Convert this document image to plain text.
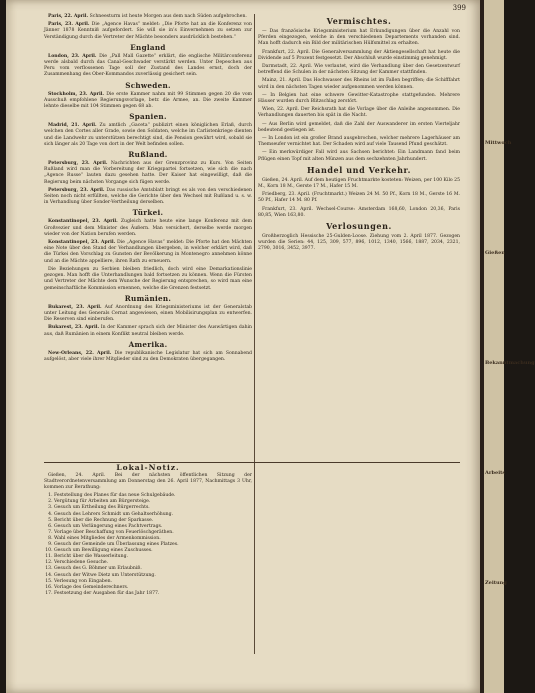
399

Paris, 22. April. Schneesturm ist heute Morgen aus dem nach Süden aufgebrochen.

Paris, 23. April. Die „Agence Havas“ meldet: „Die Pforte hat an die Konferenz von Jänner 1878 Kenntniß aufgefordert. Sie will sie in’s Einvernehmen zu setzen zur Verständigung durch die Vertreter der Mächte besonders ausdrücklich bestehen.“

England

London, 23. April. Die „Pall Mall Gazette“ erklärt, die englische Militärconferenz werde alsbald durch das Canal-Geschwader verstärkt werden. Unter Depeschen aus Peru vom verflossenen Tage soll der Zustand des Landes ernst, doch der Zusammenhang des Ober-Kommandos zuverlässig gesichert sein.

Schweden.

Stockholm, 23. April. Die erste Kammer nahm mit 99 Stimmen gegen 20 die vom Ausschuß empfohlene Regierungsvorlage, betr. die Armee, an. Die zweite Kammer lehnte dieselbe mit 104 Stimmen gegen 68 ab.

Spanien.

Madrid, 21. April. Zu amtlich „Gaceta“ publizirt einen königlichen Erlaß, durch welchen den Cortes aller Grade, sowie den Soldaten, welche im Carlistenkriege dienten und die Landwehr zu unterstützen berechtigt sind, die Pension gewährt wird, sobald sie sich länger als 20 Tage von dort in der Welt befinden sollen.

Rußland.

Petersburg, 23. April. Nachrichten aus der Grenzprovinz zu Kurs. Von Seiten Rußland wird man die Vorbereitung der Kriegspartei fortsetzen, wie sich die nach „Agence Russe“ lauten dazu gesehen hatte. Der Kaiser hat eingewilligt, daß die Regierung beim nächsten Vorgange sich fügen werde.

Petersburg, 23. April. Das russische Amtsblatt bringt es als von den verschiedenen Seiten noch nicht erfüllten, welche die Gerichte über den Wechsel mit Rußland u. s. w. in Verhandlung über Sonder-Vertheilung derselben.

Türkei.

Konstantinopel, 23. April. Zugleich hatte heute eine lange Konferenz mit dem Großvezier und dem Minister des Äußern. Man versichert, derselbe werde morgen wieder von der Nation berufen werden.

Konstantinopel, 23. April. Die „Agence Havas“ meldet: Die Pforte hat den Mächten eine Note über den Stand der Verhandlungen übergeben, in welcher erklärt wird, daß die Türkei den Vorschlag zu Gunsten der Bevölkerung in Montenegro annehmen könne und an die Mächte appelliere, ihren Rath zu erneuern.

Die Beziehungen zu Serbien bleiben friedlich, doch wird eine Demarkationslinie gezogen. Man hofft die Unterhandlungen bald fortsetzen zu können. Wenn die Fürsten und Vertreter der Mächte dem Wunsche der Regierung entsprechen, so wird man eine gemeinschaftliche Kommission ernennen, welche die Grenzen festsetzt.

Rumänien.

Bukarest, 23. April. Auf Anordnung des Kriegsministeriums ist der Generalstab unter Leitung des Generals Cernat angewiesen, einen Mobilisirungsplan zu entwerfen. Die Reserven sind einberufen.

Bukarest, 23. April. In der Kammer sprach sich der Minister des Auswärtigen dahin aus, daß Rumänien in einem Konflikt neutral bleiben werde.

Amerika.

New-Orleans, 22. April. Die republikanische Legislatur hat sich am Sonnabend aufgelöst, aber viele ihrer Mitglieder sind zu den Demokraten übergegangen.

Vermischtes.

— Das französische Kriegsministerium hat Erkundigungen über die Anzahl von Pferden eingezogen, welche in den verschiedenen Departements vorhanden sind. Man hofft dadurch ein Bild der militärischen Hülfsmittel zu erhalten.

Frankfurt, 22. April. Die Generalversammlung der Aktiengesellschaft hat heute die Dividende auf 5 Prozent festgesetzt. Der Abschluß wurde einstimmig genehmigt.

Darmstadt, 22. April. Wie verlautet, wird die Verhandlung über den Gesetzentwurf betreffend die Schulen in der nächsten Sitzung der Kammer stattfinden.

Mainz, 21. April. Das Hochwasser des Rheins ist im Fallen begriffen; die Schifffahrt wird in den nächsten Tagen wieder aufgenommen werden können.

— In Belgien hat eine schwere Gewitter-Katastrophe stattgefunden. Mehrere Häuser wurden durch Blitzschlag zerstört.

Wien, 22. April. Der Reichsrath hat die Vorlage über die Anleihe angenommen. Die Verhandlungen dauerten bis spät in die Nacht.

— Aus Berlin wird gemeldet, daß die Zahl der Auswanderer im ersten Vierteljahr bedeutend gestiegen ist.

— In London ist ein großer Brand ausgebrochen, welcher mehrere Lagerhäuser am Themseufer vernichtet hat. Der Schaden wird auf viele Tausend Pfund geschätzt.

— Ein merkwürdiger Fall wird aus Sachsen berichtet: Ein Landmann fand beim Pflügen einen Topf mit alten Münzen aus dem sechzehnten Jahrhundert.

Handel und Verkehr.

Gießen, 24. April. Auf dem heutigen Fruchtmarkte kosteten: Weizen, per 100 Kilo 25 M., Korn 18 M., Gerste 17 M., Hafer 15 M.

Friedberg, 23. April. (Fruchtmarkt.) Weizen 24 M. 50 Pf., Korn 18 M., Gerste 16 M. 50 Pf., Hafer 14 M. 80 Pf.

Frankfurt, 23. April. Wechsel-Course: Amsterdam 168,60, London 20,36, Paris 80,85, Wien 163,80.

Verlosungen.

Großherzoglich Hessische 25-Gulden-Loose. Ziehung vom 2. April 1877. Gezogen wurden die Serien: 44, 125, 309, 577, 896, 1012, 1340, 1566, 1887, 2034, 2321, 2790, 3016, 3452, 3977.

Lokal-Notiz.

Gießen, 24. April. Bei der nächsten öffentlichen Sitzung der Stadtverordnetenversammlung am Donnerstag den 26. April 1877, Nachmittags 3 Uhr, kommen zur Berathung:

1. Feststellung des Planes für das neue Schulgebäude.
2. Vergütung für Arbeiten am Bürgersteige.
3. Gesuch um Ertheilung des Bürgerrechts.
4. Gesuch des Lehrers Schmidt um Gehaltserhöhung.
5. Bericht über die Rechnung der Sparkasse.
6. Gesuch um Verlängerung eines Pachtvertrags.
7. Vorlage über Beschaffung von Feuerlöschgeräthen.
8. Wahl eines Mitgliedes der Armenkommission.
9. Gesuch der Gemeinde um Überlassung eines Platzes.
10. Gesuch um Bewilligung eines Zuschusses.
11. Bericht über die Wasserleitung.
12. Verschiedene Gesuche.
13. Gesuch des G. Böhmer um Erlaubniß.
14. Gesuch der Witwe Dietz um Unterstützung.
15. Verlesung von Eingaben.
16. Vorlage des Gemeinderechners.
17. Festsetzung der Ausgaben für das Jahr 1877.
Mittwoch
Gießen
Bekanntmachung
Arbeits
Zeitung
